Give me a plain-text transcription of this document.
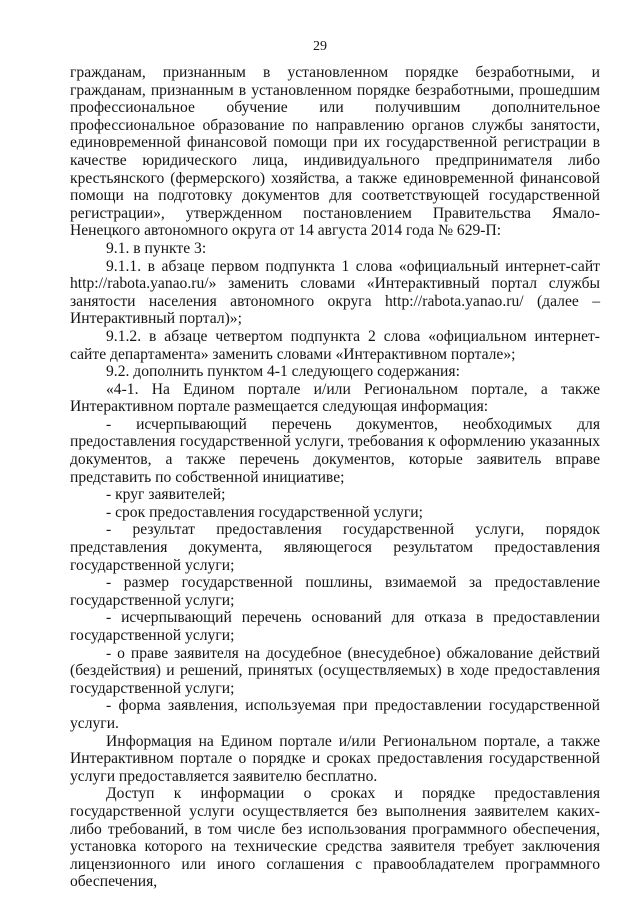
29

гражданам, признанным в установленном порядке безработными, и гражданам, признанным в установленном порядке безработными, прошедшим профессиональное обучение или получившим дополнительное профессиональное образование по направлению органов службы занятости, единовременной финансовой помощи при их государственной регистрации в качестве юридического лица, индивидуального предпринимателя либо крестьянского (фермерского) хозяйства, а также единовременной финансовой помощи на подготовку документов для соответствующей государственной регистрации», утвержденном постановлением Правительства Ямало-Ненецкого автономного округа от 14 августа 2014 года № 629-П:

9.1. в пункте 3:

9.1.1. в абзаце первом подпункта 1 слова «официальный интернет-сайт http://rabota.yanao.ru/» заменить словами «Интерактивный портал службы занятости населения автономного округа http://rabota.yanao.ru/ (далее – Интерактивный портал)»;

9.1.2. в абзаце четвертом подпункта 2 слова «официальном интернет-сайте департамента» заменить словами «Интерактивном портале»;

9.2. дополнить пунктом 4-1 следующего содержания:

«4-1. На Едином портале и/или Региональном портале, а также Интерактивном портале размещается следующая информация:

- исчерпывающий перечень документов, необходимых для предоставления государственной услуги, требования к оформлению указанных документов, а также перечень документов, которые заявитель вправе представить по собственной инициативе;

- круг заявителей;

- срок предоставления государственной услуги;

- результат предоставления государственной услуги, порядок представления документа, являющегося результатом предоставления государственной услуги;

- размер государственной пошлины, взимаемой за предоставление государственной услуги;

- исчерпывающий перечень оснований для отказа в предоставлении государственной услуги;

- о праве заявителя на досудебное (внесудебное) обжалование действий (бездействия) и решений, принятых (осуществляемых) в ходе предоставления государственной услуги;

- форма заявления, используемая при предоставлении государственной услуги.

Информация на Едином портале и/или Региональном портале, а также Интерактивном портале о порядке и сроках предоставления государственной услуги предоставляется заявителю бесплатно.

Доступ к информации о сроках и порядке предоставления государственной услуги осуществляется без выполнения заявителем каких-либо требований, в том числе без использования программного обеспечения, установка которого на технические средства заявителя требует заключения лицензионного или иного соглашения с правообладателем программного обеспечения,
